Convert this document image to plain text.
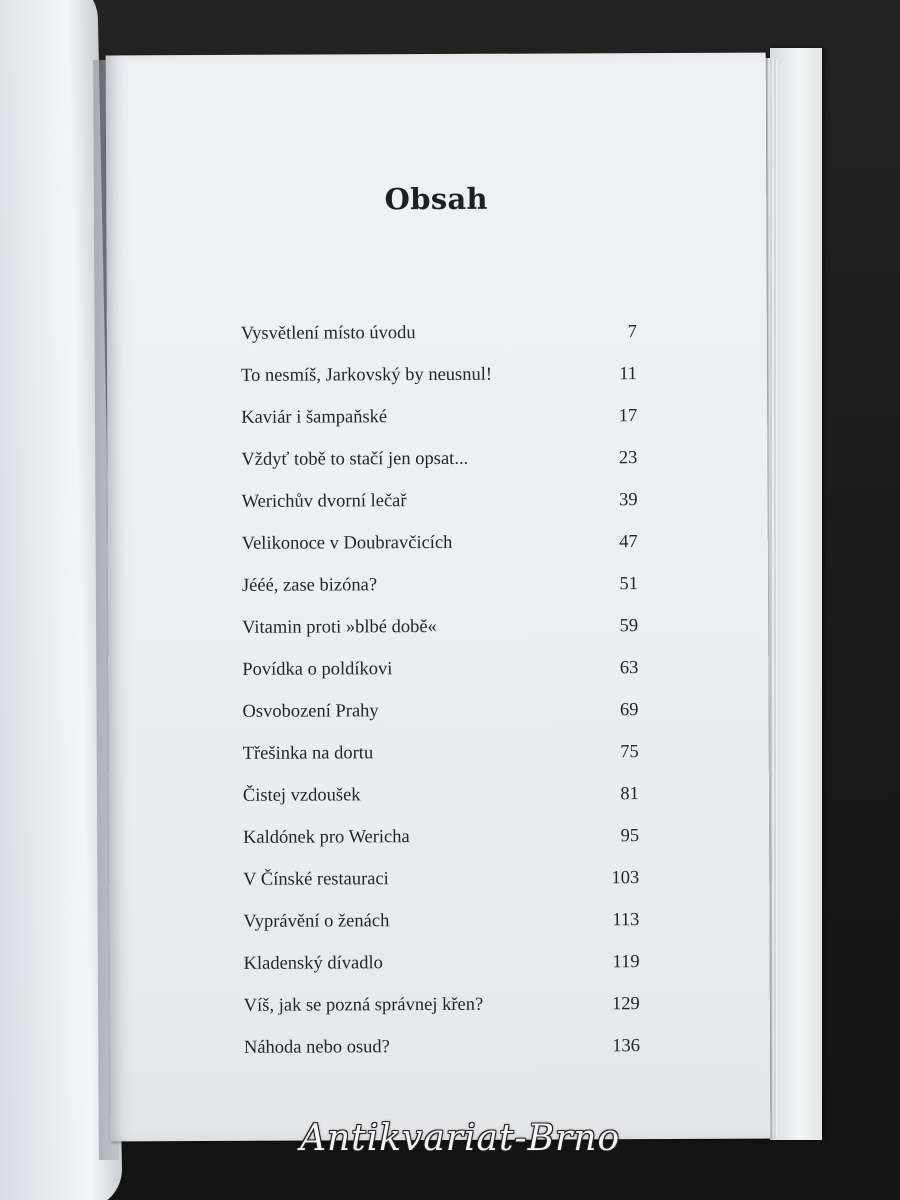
Obsah
Vysvětlení místo úvodu	7
To nesmíš, Jarkovský by neusnul!	11
Kaviár i šampaňské	17
Vždyť tobě to stačí jen opsat...	23
Werichův dvorní lečař	39
Velikonoce v Doubravčicích	47
Jééé, zase bizóna?	51
Vitamin proti »blbé době«	59
Povídka o poldíkovi	63
Osvobození Prahy	69
Třešinka na dortu	75
Čistej vzdoušek	81
Kaldónek pro Wericha	95
V Čínské restauraci	103
Vyprávění o ženách	113
Kladenský dívadlo	119
Víš, jak se pozná správnej křen?	129
Náhoda nebo osud?	136
Antikvariat-Brno
